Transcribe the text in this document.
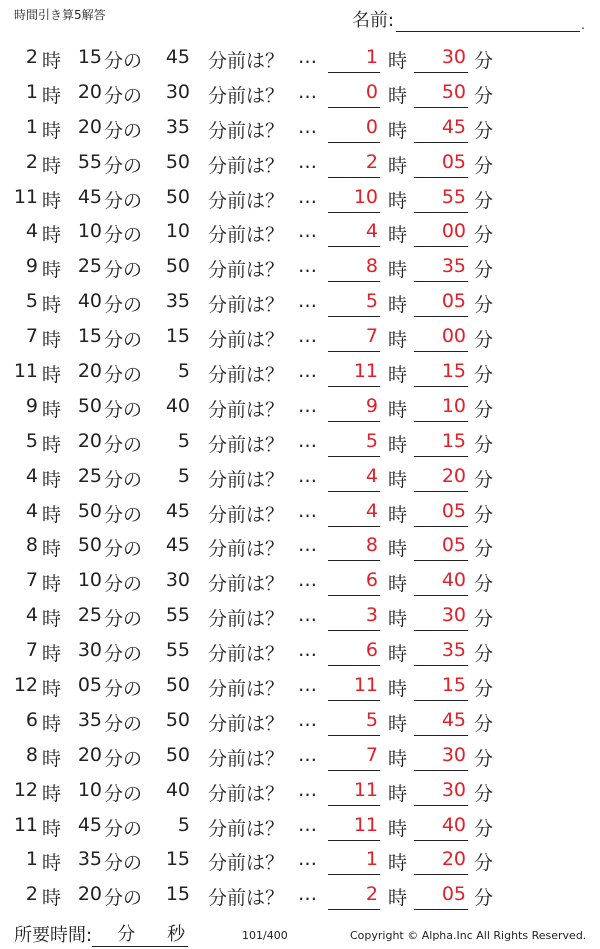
時間引き算5解答	名前:	.
2 時 15 分の	45 分前は？ …	1 時	30 分
1 時 20 分の	30 分前は？ …	0 時	50 分
1 時 20 分の	35 分前は？ …	0 時	45 分
2 時 55 分の	50 分前は？ …	2 時	05 分
11 時 45 分の	50 分前は？ …	10 時	55 分
4 時 10 分の	10 分前は？ …	4 時	00 分
9 時 25 分の	50 分前は？ …	8 時	35 分
5 時 40 分の	35 分前は？ …	5 時	05 分
7 時 15 分の	15 分前は？ …	7 時	00 分
11 時 20 分の	5 分前は？ …	11 時	15 分
9 時 50 分の	40 分前は？ …	9 時	10 分
5 時 20 分の	5 分前は？ …	5 時	15 分
4 時 25 分の	5 分前は？ …	4 時	20 分
4 時 50 分の	45 分前は？ …	4 時	05 分
8 時 50 分の	45 分前は？ …	8 時	05 分
7 時 10 分の	30 分前は？ …	6 時	40 分
4 時 25 分の	55 分前は？ …	3 時	30 分
7 時 30 分の	55 分前は？ …	6 時	35 分
12 時 05 分の	50 分前は？ …	11 時	15 分
6 時 35 分の	50 分前は？ …	5 時	45 分
8 時 20 分の	50 分前は？ …	7 時	30 分
12 時 10 分の	40 分前は？ …	11 時	30 分
11 時 45 分の	5 分前は？ …	11 時	40 分
1 時 35 分の	15 分前は？ …	1 時	20 分
2 時 20 分の	15 分前は？ …	2 時	05 分
所要時間: 分 秒	101/400	Copyright © Alpha.Inc All Rights Reserved.
